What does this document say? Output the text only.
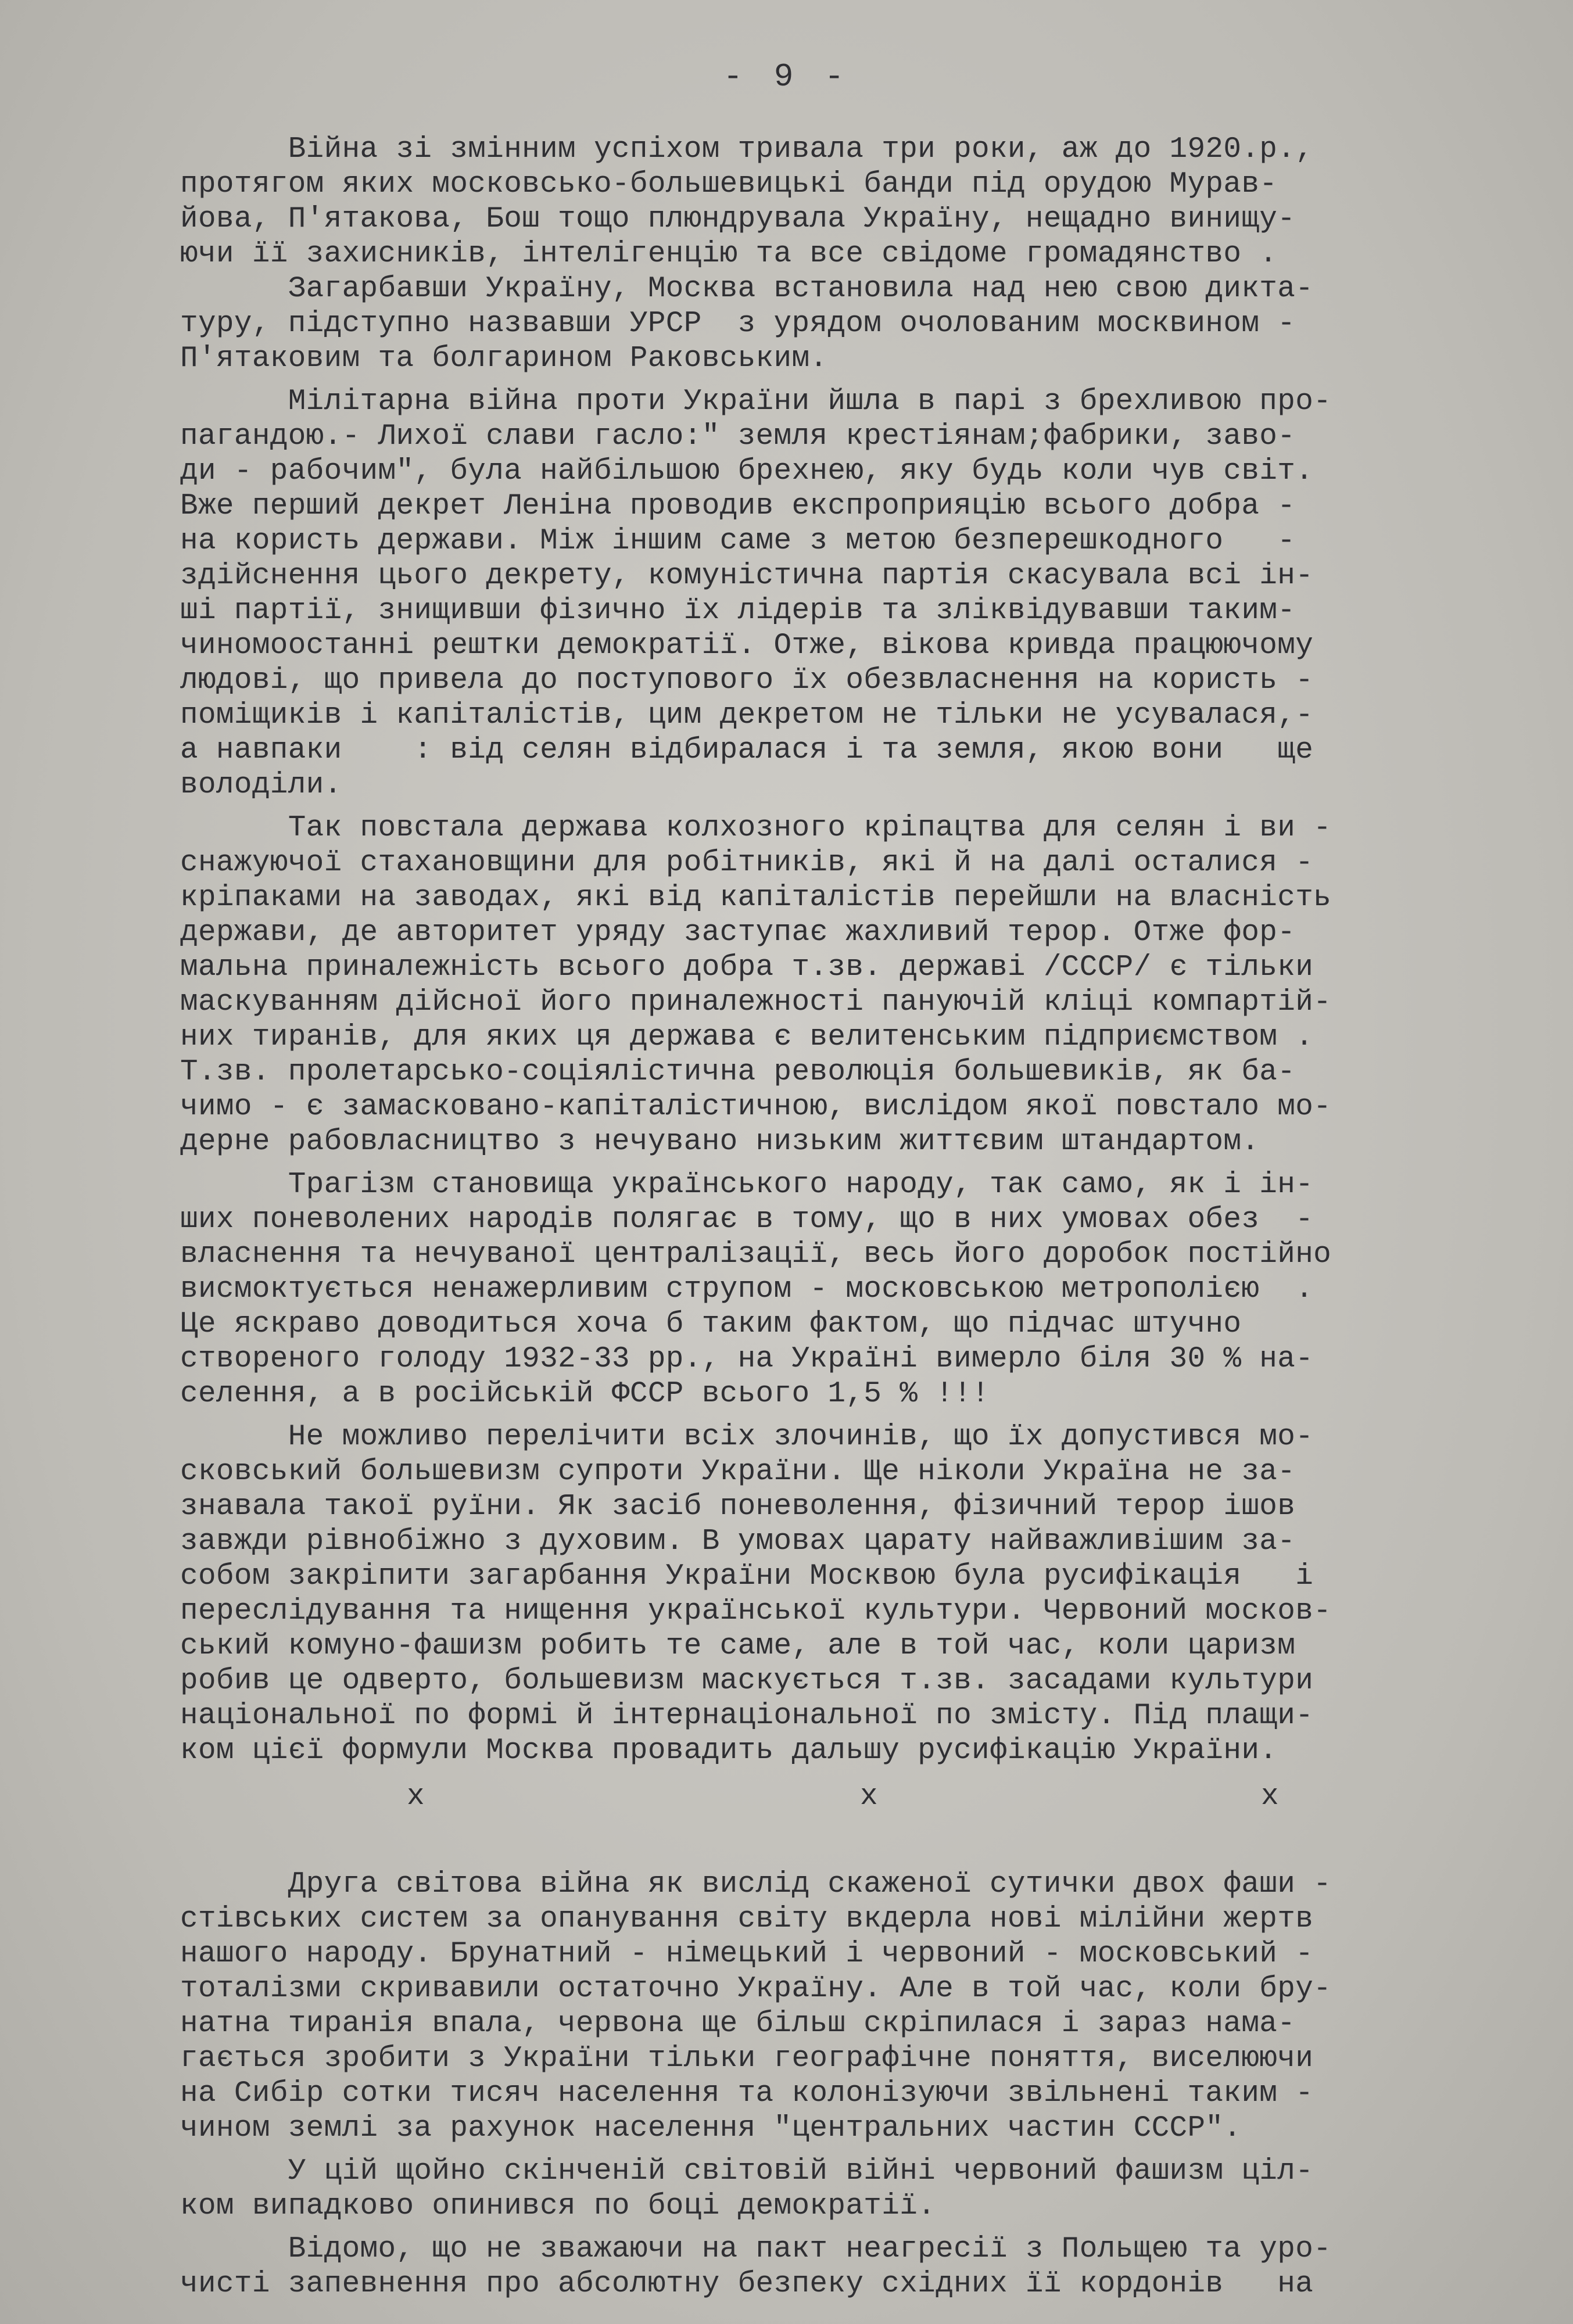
- 9 -
Війна зі змінним успіхом тривала три роки, аж до 1920.р.,
протягом яких московсько-большевицькі банди під орудою Мурав-
йова, П'ятакова, Бош тощо плюндрувала Україну, нещадно винищу-
ючи її захисників, інтелігенцію та все свідоме громадянство .
Загарбавши Україну, Москва встановила над нею свою дикта-
туру, підступно назвавши УРСР  з урядом очолованим москвином -
П'ятаковим та болгарином Раковським.
Мілітарна війна проти України йшла в парі з брехливою про-
пагандою.- Лихої слави гасло:" земля крестіянам;фабрики, заво-
ди - рабочим", була найбільшою брехнею, яку будь коли чув світ.
Вже перший декрет Леніна проводив експроприяцію всього добра -
на користь держави. Між іншим саме з метою безперешкодного   -
здійснення цього декрету, комуністична партія скасувала всі ін-
ші партії, знищивши фізично їх лідерів та зліквідувавши таким-
чиномоостанні рештки демократії. Отже, вікова кривда працюючому
людові, що привела до поступового їх обезвласнення на користь -
поміщиків і капіталістів, цим декретом не тільки не усувалася,-
а навпаки    : від селян відбиралася і та земля, якою вони   ще
володіли.
Так повстала держава колхозного кріпацтва для селян і ви -
снажуючої стахановщини для робітників, які й на далі осталися -
кріпаками на заводах, які від капіталістів перейшли на власність
держави, де авторитет уряду заступає жахливий терор. Отже фор-
мальна приналежність всього добра т.зв. державі /СССР/ є тільки
маскуванням дійсної його приналежності пануючій кліці компартій-
них тиранів, для яких ця держава є велитенським підприємством .
Т.зв. пролетарсько-соціялістична революція большевиків, як ба-
чимо - є замасковано-капіталістичною, вислідом якої повстало мо-
дерне рабовласництво з нечувано низьким життєвим штандартом.
Трагізм становища українського народу, так само, як і ін-
ших поневолених народів полягає в тому, що в них умовах обез  -
власнення та нечуваної централізації, весь його доробок постійно
висмоктується ненажерливим струпом - московською метрополією  .
Це яскраво доводиться хоча б таким фактом, що підчас штучно
створеного голоду 1932-33 рр., на Україні вимерло біля 30 % на-
селення, а в російській ФССР всього 1,5 % !!!
Не можливо перелічити всіх злочинів, що їх допустився мо-
сковський большевизм супроти України. Ще ніколи Україна не за-
знавала такої руїни. Як засіб поневолення, фізичний терор ішов
завжди рівнобіжно з духовим. В умовах царату найважливішим за-
собом закріпити загарбання України Москвою була русифікація   і
переслідування та нищення української культури. Червоний москов-
ський комуно-фашизм робить те саме, але в той час, коли царизм
робив це одверто, большевизм маскується т.зв. засадами культури
національної по формі й інтернаціональної по змісту. Під плащи-
ком цієї формули Москва провадить дальшу русифікацію України.
x	x	x
Друга світова війна як вислід скаженої сутички двох фаши -
стівських систем за опанування світу вкдерла нові мілійни жертв
нашого народу. Брунатний - німецький і червоний - московський -
тоталізми скривавили остаточно Україну. Але в той час, коли бру-
натна тиранія впала, червона ще більш скріпилася і зараз нама-
гається зробити з України тільки географічне поняття, виселюючи
на Сибір сотки тисяч населення та колонізуючи звільнені таким -
чином землі за рахунок населення "центральних частин СССР".
У цій щойно скінченій світовій війні червоний фашизм ціл-
ком випадково опинився по боці демократії.
Відомо, що не зважаючи на пакт неагресії з Польщею та уро-
чисті запевнення про абсолютну безпеку східних її кордонів   на
